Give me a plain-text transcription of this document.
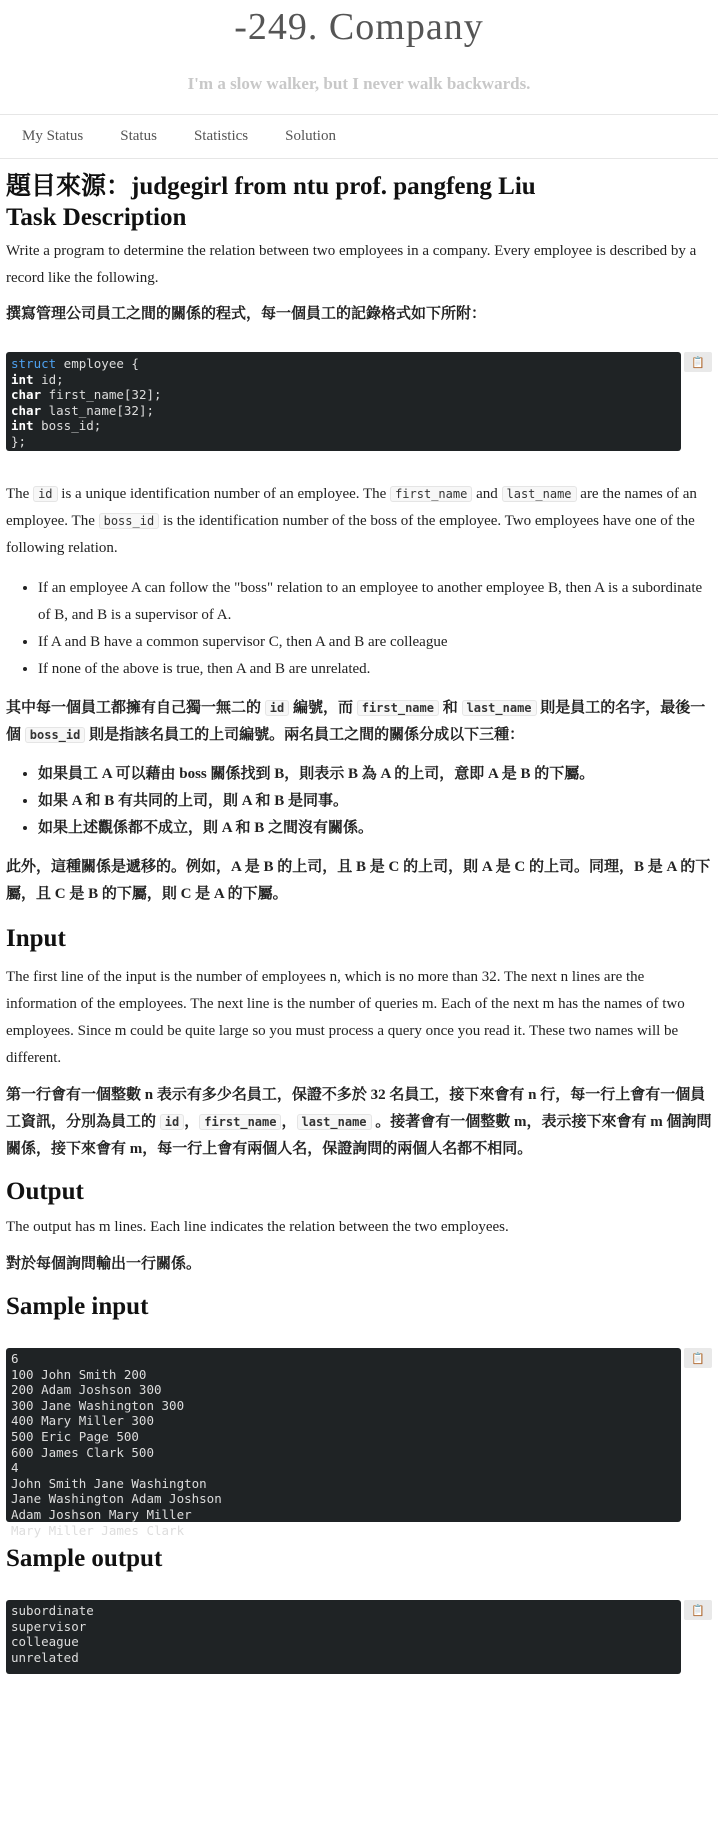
-249. Company
I'm a slow walker, but I never walk backwards.
My Status Status Statistics Solution
題目來源：judgegirl from ntu prof. pangfeng Liu
Task Description

Write a program to determine the relation between two employees in a company. Every employee is described by a record like the following.

撰寫管理公司員工之間的關係的程式，每一個員工的記錄格式如下所附：

struct employee {
int id;
char first_name[32];
char last_name[32];
int boss_id;
};
📋

The id is a unique identification number of an employee. The first_name and last_name are the names of an employee. The boss_id is the identification number of the boss of the employee. Two employees have one of the following relation.

• If an employee A can follow the "boss" relation to an employee to another employee B, then A is a subordinate of B, and B is a supervisor of A.
• If A and B have a common supervisor C, then A and B are colleague
• If none of the above is true, then A and B are unrelated.

其中每一個員工都擁有自己獨一無二的 id 編號，而 first_name 和 last_name 則是員工的名字，最後一個 boss_id 則是指該名員工的上司編號。兩名員工之間的關係分成以下三種：

• 如果員工 A 可以藉由 boss 關係找到 B，則表示 B 為 A 的上司，意即 A 是 B 的下屬。
• 如果 A 和 B 有共同的上司，則 A 和 B 是同事。
• 如果上述觀係都不成立，則 A 和 B 之間沒有關係。

此外，這種關係是遞移的。例如，A 是 B 的上司，且 B 是 C 的上司，則 A 是 C 的上司。同理，B 是 A 的下屬，且 C 是 B 的下屬，則 C 是 A 的下屬。

Input

The first line of the input is the number of employees n, which is no more than 32. The next n lines are the information of the employees. The next line is the number of queries m. Each of the next m has the names of two employees. Since m could be quite large so you must process a query once you read it. These two names will be different.

第一行會有一個整數 n 表示有多少名員工，保證不多於 32 名員工，接下來會有 n 行，每一行上會有一個員工資訊，分別為員工的 id ， first_name ， last_name 。接著會有一個整數 m，表示接下來會有 m 個詢問關係，接下來會有 m，每一行上會有兩個人名，保證詢問的兩個人名都不相同。

Output

The output has m lines. Each line indicates the relation between the two employees.

對於每個詢問輸出一行關係。

Sample input
6
100 John Smith 200
200 Adam Joshson 300
300 Jane Washington 300
400 Mary Miller 300
500 Eric Page 500
600 James Clark 500
4
John Smith Jane Washington
Jane Washington Adam Joshson
Adam Joshson Mary Miller
Mary Miller James Clark
📋
Sample output
subordinate
supervisor
colleague
unrelated
📋
